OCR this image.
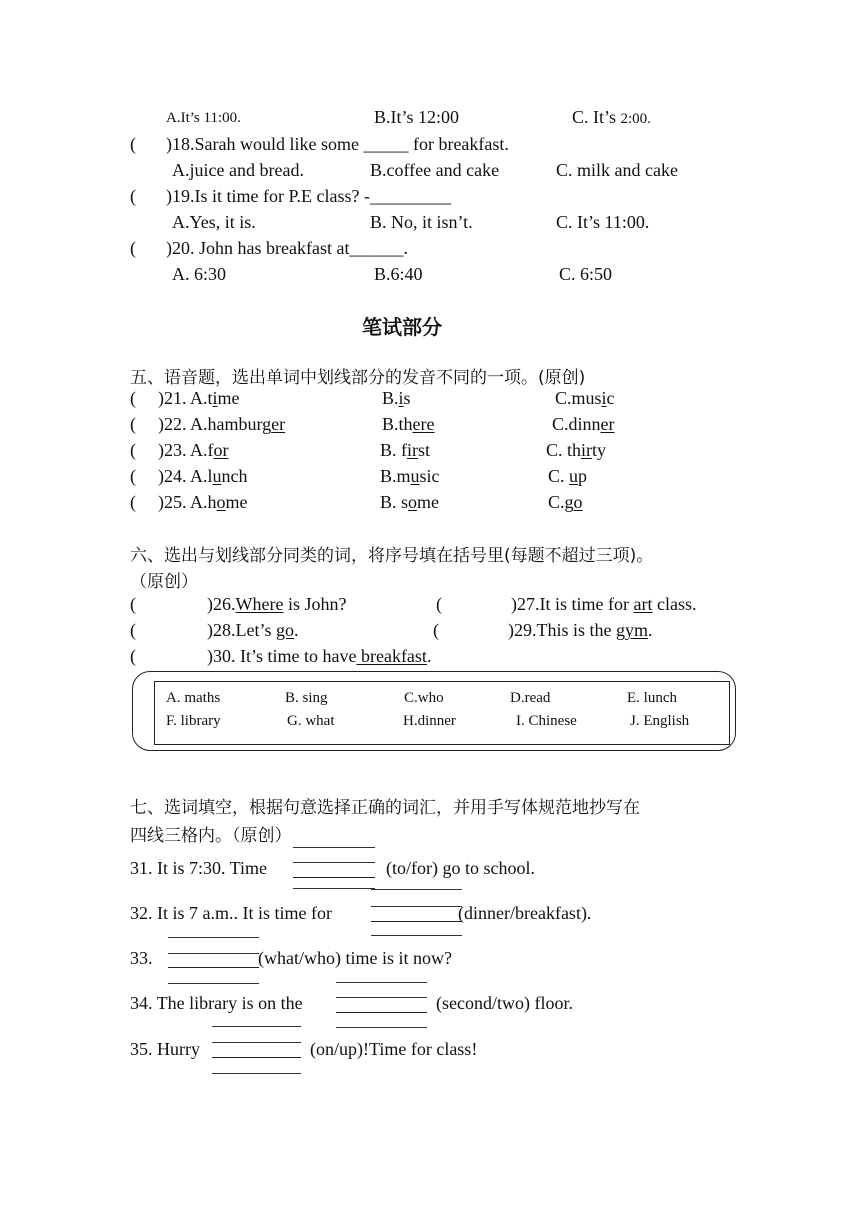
A.It’s 11:00.	B.It’s 12:00	C. It’s 2:00.
( )18.Sarah would like some _____ for breakfast.
A.juice and bread.	B.coffee and cake	C. milk and cake
( )19.Is it time for P.E class? -_________
A.Yes, it is.	B. No, it isn’t.	C. It’s 11:00.
( )20. John has breakfast at______.
A. 6:30	B.6:40	C. 6:50
笔试部分
五、语音题，选出单词中划线部分的发音不同的一项。(原创)
( )21. A.time	B.is	C.music
( )22. A.hamburger	B.there	C.dinner
( )23. A.for	B. first	C. thirty
( )24. A.lunch	B.music	C. up
( )25. A.home	B. some	C.go
六、选出与划线部分同类的词，将序号填在括号里(每题不超过三项)。
（原创）
(	)26.Where is John?	(	)27.It is time for art class.
(	)28.Let’s go.	(	)29.This is the gym.
(	)30. It’s time to have breakfast.
A. maths	B. sing	C.who	D.read	E. lunch
F. library	G. what	H.dinner	I. Chinese	J. English
七、选词填空，根据句意选择正确的词汇，并用手写体规范地抄写在
四线三格内。（原创）
31. It is 7:30. Time	(to/for) go to school.
32. It is 7 a.m.. It is time for	(dinner/breakfast).
33.	(what/who) time is it now?
34. The library is on the	(second/two) floor.
35. Hurry	(on/up)!Time for class!
